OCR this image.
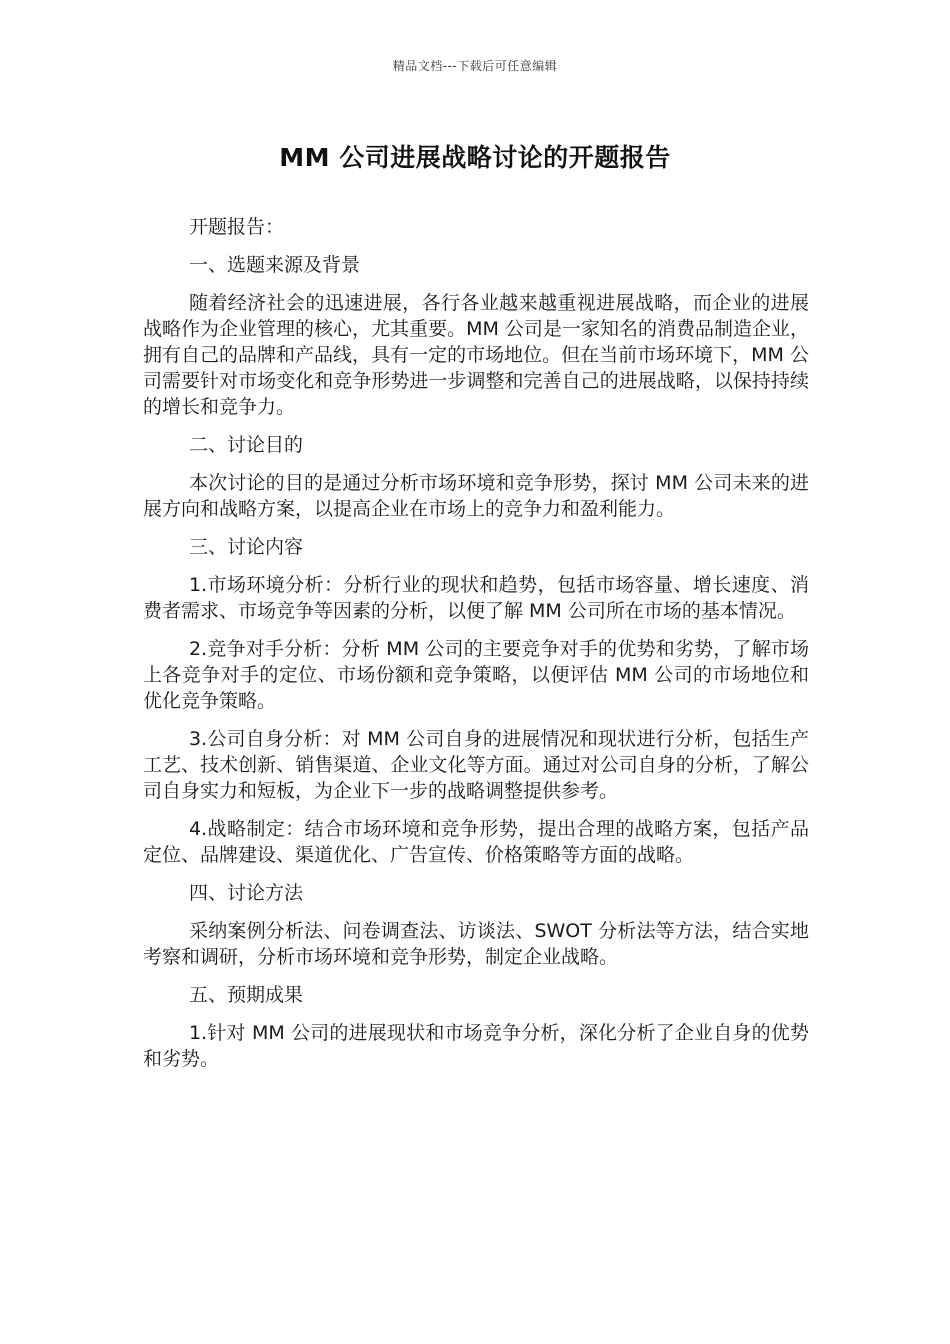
精品文档---下载后可任意编辑
MM 公司进展战略讨论的开题报告

开题报告：

一、选题来源及背景

随着经济社会的迅速进展，各行各业越来越重视进展战略，而企业的进展战略作为企业管理的核心，尤其重要。MM 公司是一家知名的消费品制造企业，拥有自己的品牌和产品线，具有一定的市场地位。但在当前市场环境下，MM 公司需要针对市场变化和竞争形势进一步调整和完善自己的进展战略，以保持持续的增长和竞争力。

二、讨论目的

本次讨论的目的是通过分析市场环境和竞争形势，探讨 MM 公司未来的进展方向和战略方案，以提高企业在市场上的竞争力和盈利能力。

三、讨论内容

1.市场环境分析：分析行业的现状和趋势，包括市场容量、增长速度、消费者需求、市场竞争等因素的分析，以便了解 MM 公司所在市场的基本情况。

2.竞争对手分析：分析 MM 公司的主要竞争对手的优势和劣势，了解市场上各竞争对手的定位、市场份额和竞争策略，以便评估 MM 公司的市场地位和优化竞争策略。

3.公司自身分析：对 MM 公司自身的进展情况和现状进行分析，包括生产工艺、技术创新、销售渠道、企业文化等方面。通过对公司自身的分析，了解公司自身实力和短板，为企业下一步的战略调整提供参考。

4.战略制定：结合市场环境和竞争形势，提出合理的战略方案，包括产品定位、品牌建设、渠道优化、广告宣传、价格策略等方面的战略。

四、讨论方法

采纳案例分析法、问卷调查法、访谈法、SWOT 分析法等方法，结合实地考察和调研，分析市场环境和竞争形势，制定企业战略。

五、预期成果

1.针对 MM 公司的进展现状和市场竞争分析，深化分析了企业自身的优势和劣势。
